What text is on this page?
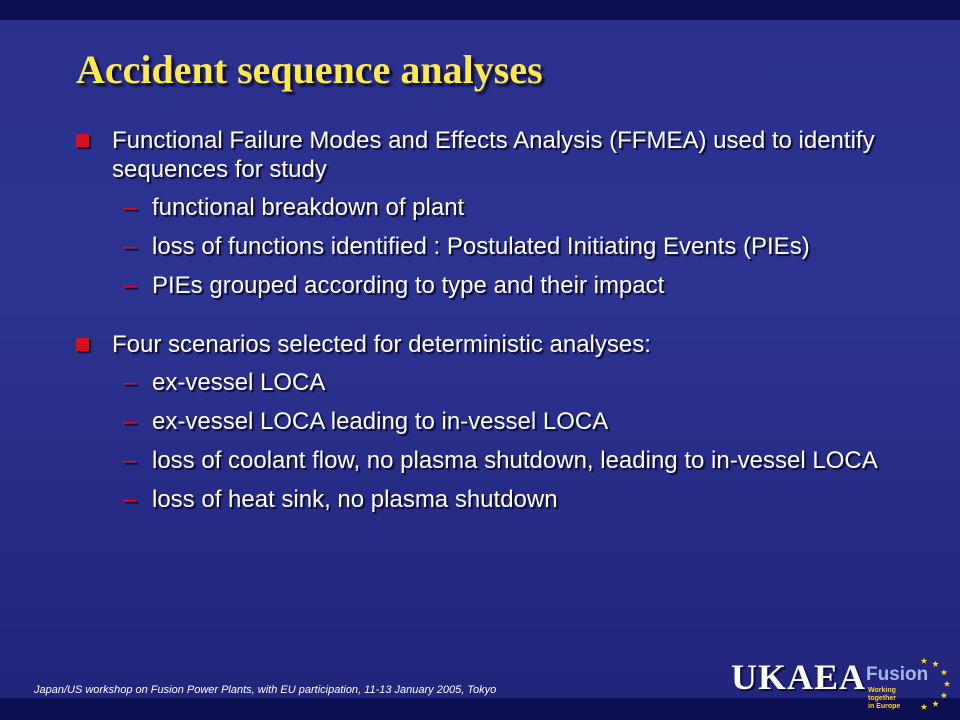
Accident sequence analyses
Functional Failure Modes and Effects Analysis (FFMEA) used to identify sequences for study
– functional breakdown of plant
– loss of functions identified : Postulated Initiating Events (PIEs)
– PIEs grouped according to type and their impact
Four scenarios selected for deterministic analyses:
– ex-vessel LOCA
– ex-vessel LOCA leading to in-vessel LOCA
– loss of coolant flow, no plasma shutdown, leading to in-vessel LOCA
– loss of heat sink, no plasma shutdown
Japan/US workshop on Fusion Power Plants, with EU participation, 11-13 January 2005, Tokyo	UKAEA Fusion
Working
together
in Europe
